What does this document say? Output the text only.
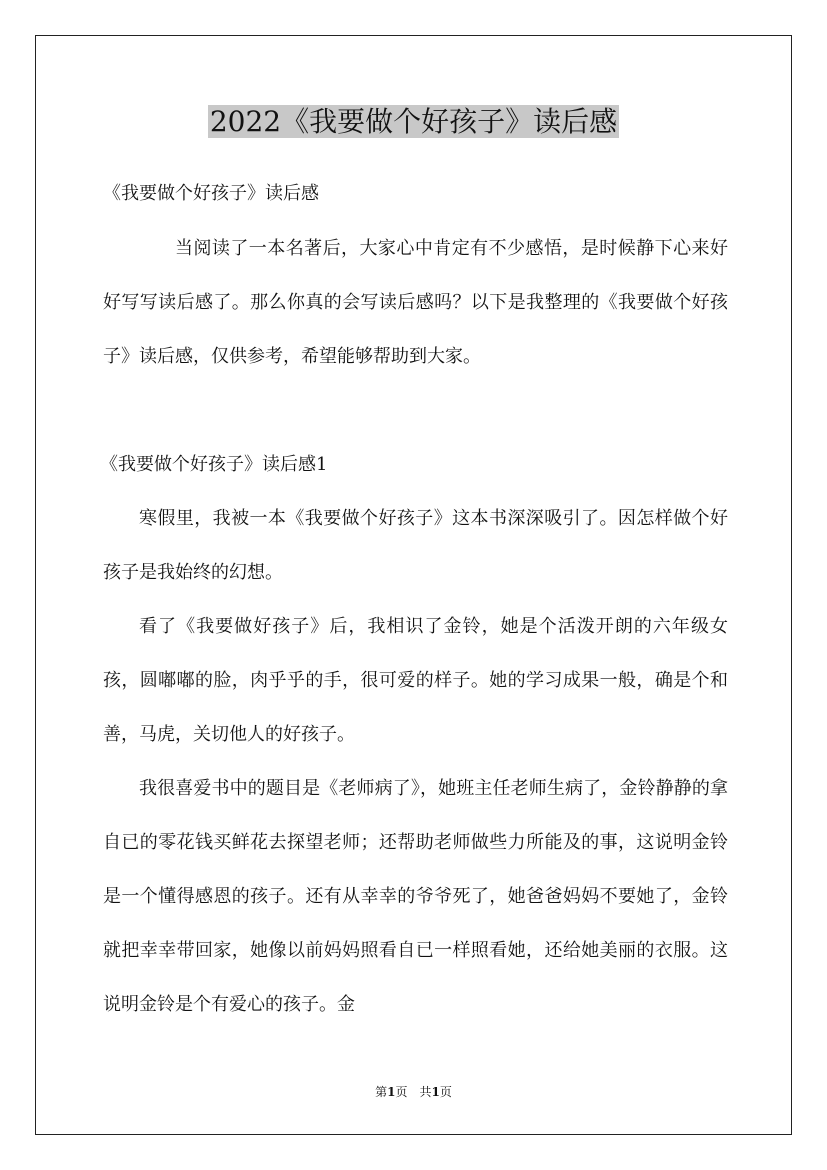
2022《我要做个好孩子》读后感

《我要做个好孩子》读后感

当阅读了一本名著后，大家心中肯定有不少感悟，是时候静下心来好好写写读后感了。那么你真的会写读后感吗？以下是我整理的《我要做个好孩子》读后感，仅供参考，希望能够帮助到大家。

《我要做个好孩子》读后感1

寒假里，我被一本《我要做个好孩子》这本书深深吸引了。因怎样做个好孩子是我始终的幻想。

看了《我要做好孩子》后，我相识了金铃，她是个活泼开朗的六年级女孩，圆嘟嘟的脸，肉乎乎的手，很可爱的样子。她的学习成果一般，确是个和善，马虎，关切他人的好孩子。

我很喜爱书中的题目是《老师病了》，她班主任老师生病了，金铃静静的拿自已的零花钱买鲜花去探望老师；还帮助老师做些力所能及的事，这说明金铃是一个懂得感恩的孩子。还有从幸幸的爷爷死了，她爸爸妈妈不要她了，金铃就把幸幸带回家，她像以前妈妈照看自已一样照看她，还给她美丽的衣服。这说明金铃是个有爱心的孩子。金

第1页　共1页
